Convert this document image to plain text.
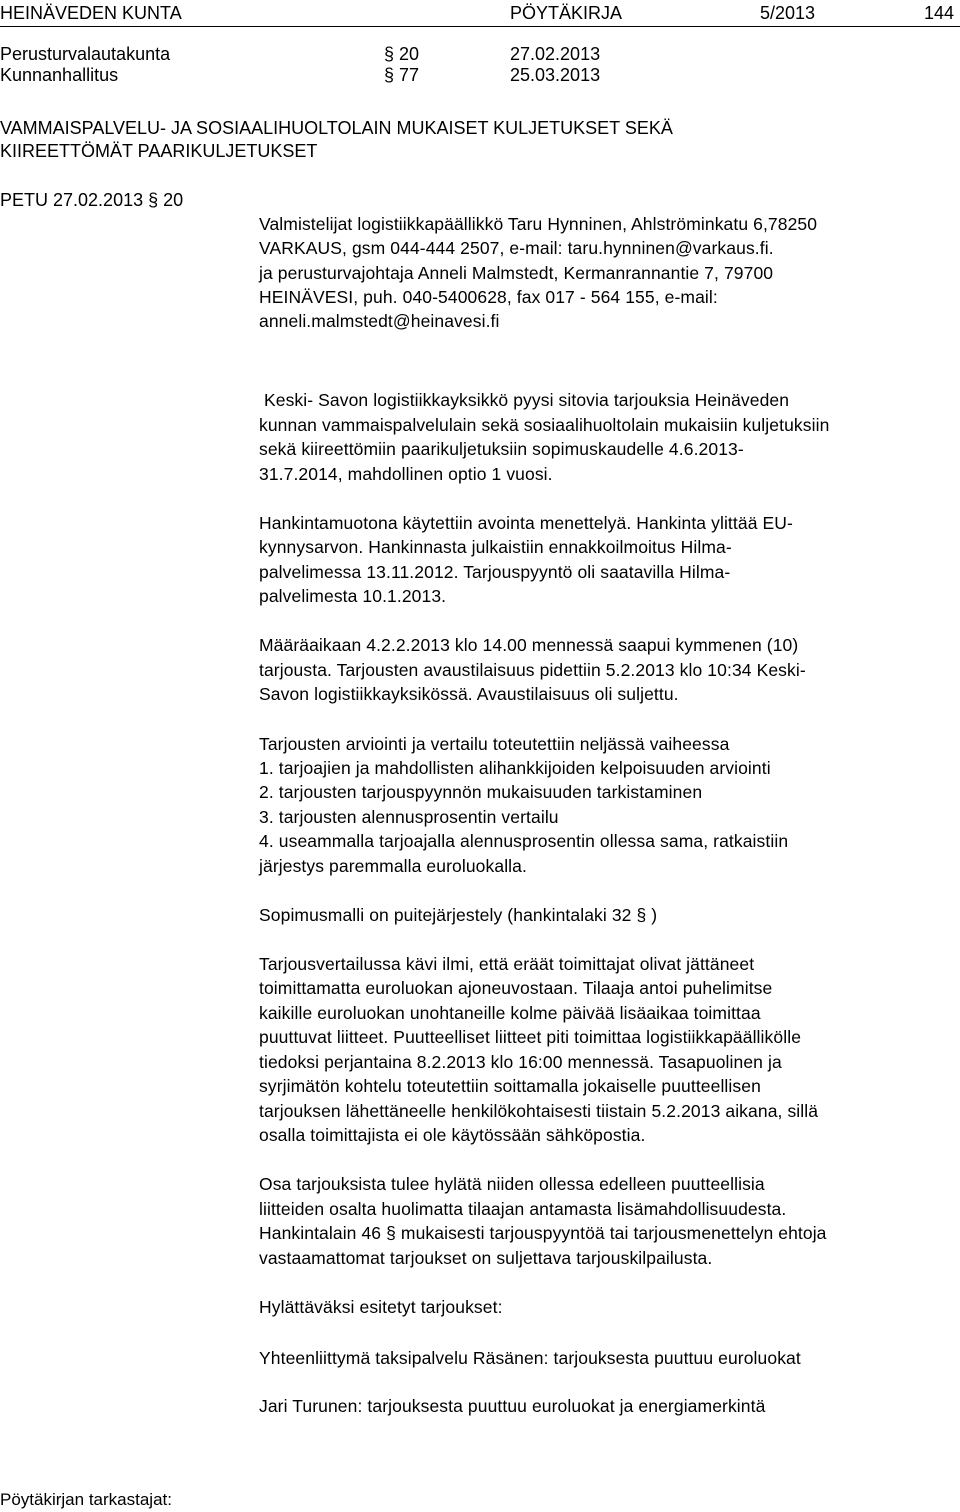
HEINÄVEDEN KUNTA	PÖYTÄKIRJA	5/2013	144
Perusturvalautakunta	§ 20	27.02.2013
Kunnanhallitus	§ 77	25.03.2013
VAMMAISPALVELU- JA SOSIAALIHUOLTOLAIN MUKAISET KULJETUKSET SEKÄ
KIIREETTÖMÄT PAARIKULJETUKSET
PETU 27.02.2013 § 20
Valmistelijat logistiikkapäällikkö Taru Hynninen, Ahlströminkatu 6,78250
VARKAUS, gsm 044-444 2507, e-mail: taru.hynninen@varkaus.fi.
ja perusturvajohtaja Anneli Malmstedt, Kermanrannantie 7, 79700
HEINÄVESI, puh. 040-5400628, fax 017 - 564 155, e-mail:
anneli.malmstedt@heinavesi.fi
Keski- Savon logistiikkayksikkö pyysi sitovia tarjouksia Heinäveden
kunnan vammaispalvelulain sekä sosiaalihuoltolain mukaisiin kuljetuksiin
sekä kiireettömiin paarikuljetuksiin sopimuskaudelle 4.6.2013-
31.7.2014, mahdollinen optio 1 vuosi.
Hankintamuotona käytettiin avointa menettelyä. Hankinta ylittää EU-
kynnysarvon. Hankinnasta julkaistiin ennakkoilmoitus Hilma-
palvelimessa 13.11.2012. Tarjouspyyntö oli saatavilla Hilma-
palvelimesta 10.1.2013.
Määräaikaan 4.2.2.2013 klo 14.00 mennessä saapui kymmenen (10)
tarjousta. Tarjousten avaustilaisuus pidettiin 5.2.2013 klo 10:34 Keski-
Savon logistiikkayksikössä. Avaustilaisuus oli suljettu.
Tarjousten arviointi ja vertailu toteutettiin neljässä vaiheessa
1. tarjoajien ja mahdollisten alihankkijoiden kelpoisuuden arviointi
2. tarjousten tarjouspyynnön mukaisuuden tarkistaminen
3. tarjousten alennusprosentin vertailu
4. useammalla tarjoajalla alennusprosentin ollessa sama, ratkaistiin
järjestys paremmalla euroluokalla.
Sopimusmalli on puitejärjestely (hankintalaki 32 § )
Tarjousvertailussa kävi ilmi, että eräät toimittajat olivat jättäneet
toimittamatta euroluokan ajoneuvostaan. Tilaaja antoi puhelimitse
kaikille euroluokan unohtaneille kolme päivää lisäaikaa toimittaa
puuttuvat liitteet. Puutteelliset liitteet piti toimittaa logistiikkapäällikölle
tiedoksi perjantaina 8.2.2013 klo 16:00 mennessä. Tasapuolinen ja
syrjimätön kohtelu toteutettiin soittamalla jokaiselle puutteellisen
tarjouksen lähettäneelle henkilökohtaisesti tiistain 5.2.2013 aikana, sillä
osalla toimittajista ei ole käytössään sähköpostia.
Osa tarjouksista tulee hylätä niiden ollessa edelleen puutteellisia
liitteiden osalta huolimatta tilaajan antamasta lisämahdollisuudesta.
Hankintalain 46 § mukaisesti tarjouspyyntöä tai tarjousmenettelyn ehtoja
vastaamattomat tarjoukset on suljettava tarjouskilpailusta.
Hylättäväksi esitetyt tarjoukset:
Yhteenliittymä taksipalvelu Räsänen: tarjouksesta puuttuu euroluokat
Jari Turunen: tarjouksesta puuttuu euroluokat ja energiamerkintä
Pöytäkirjan tarkastajat:
